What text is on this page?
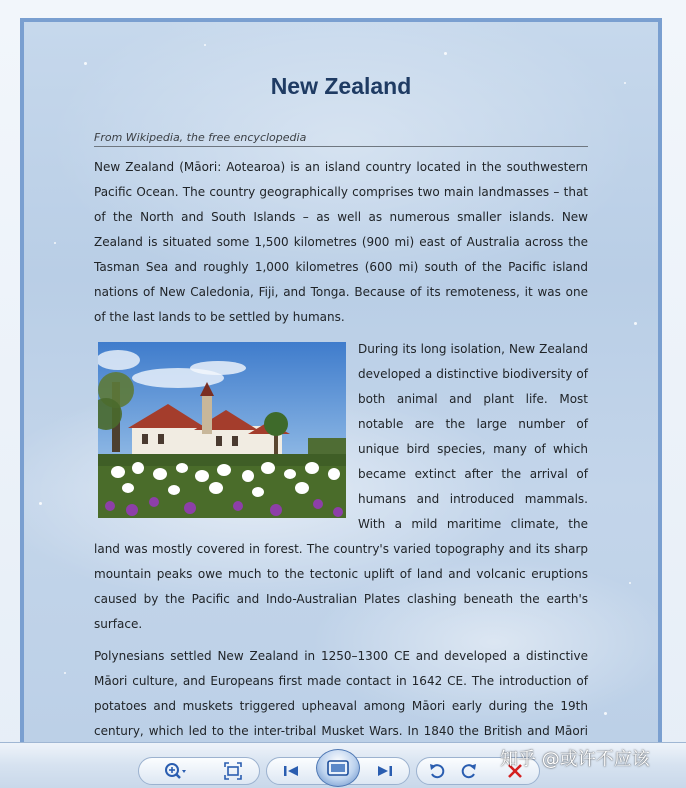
New Zealand
From Wikipedia, the free encyclopedia

New Zealand (Māori: Aotearoa) is an island country located in the southwestern Pacific Ocean. The country geographically comprises two main landmasses – that of the North and South Islands – as well as numerous smaller islands. New Zealand is situated some 1,500 kilometres (900 mi) east of Australia across the Tasman Sea and roughly 1,000 kilometres (600 mi) south of the Pacific island nations of New Caledonia, Fiji, and Tonga. Because of its remoteness, it was one of the last lands to be settled by humans.

During its long isolation, New Zealand developed a distinctive biodiversity of both animal and plant life. Most notable are the large number of unique bird species, many of which became extinct after the arrival of humans and introduced mammals. With a mild maritime climate, the land was mostly covered in forest. The country's varied topography and its sharp mountain peaks owe much to the tectonic uplift of land and volcanic eruptions caused by the Pacific and Indo-Australian Plates clashing beneath the earth's surface.

Polynesians settled New Zealand in 1250–1300 CE and developed a distinctive Māori culture, and Europeans first made contact in 1642 CE. The introduction of potatoes and muskets triggered upheaval among Māori early during the 19th century, which led to the inter-tribal Musket Wars. In 1840 the British and Māori

知乎 @或许不应该
